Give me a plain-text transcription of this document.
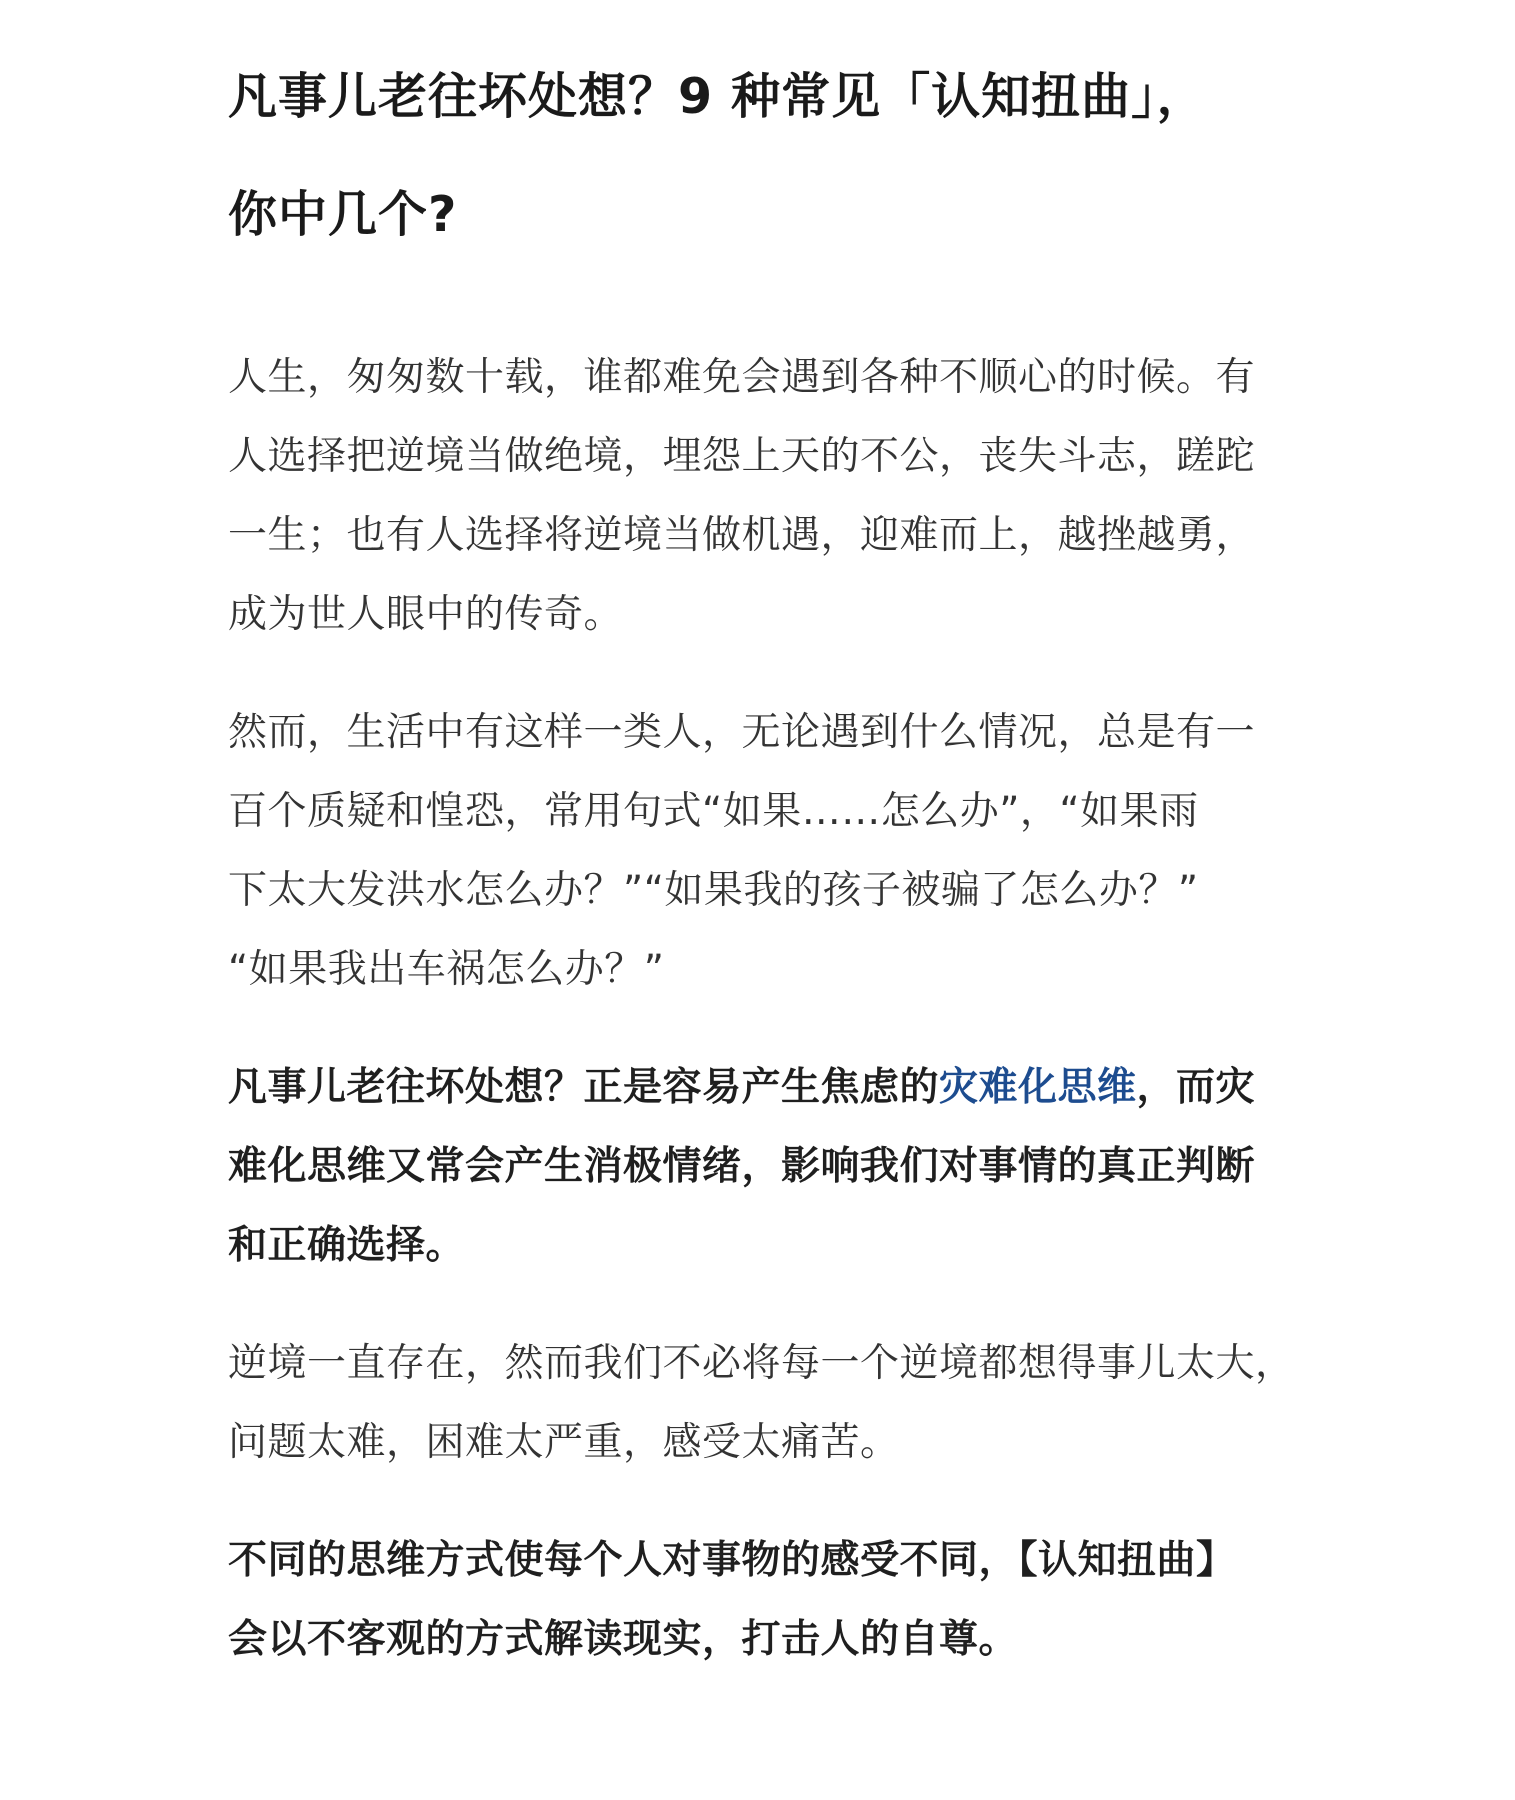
凡事儿老往坏处想？9 种常见「认知扭曲」，
你中几个?

人生，匆匆数十载，谁都难免会遇到各种不顺心的时候。有
人选择把逆境当做绝境，埋怨上天的不公，丧失斗志，蹉跎
一生；也有人选择将逆境当做机遇，迎难而上，越挫越勇，
成为世人眼中的传奇。

然而，生活中有这样一类人，无论遇到什么情况，总是有一
百个质疑和惶恐，常用句式“如果……怎么办”，“如果雨
下太大发洪水怎么办？”“如果我的孩子被骗了怎么办？”
“如果我出车祸怎么办？”

凡事儿老往坏处想？正是容易产生焦虑的灾难化思维，而灾
难化思维又常会产生消极情绪，影响我们对事情的真正判断
和正确选择。

逆境一直存在，然而我们不必将每一个逆境都想得事儿太大，
问题太难，困难太严重，感受太痛苦。

不同的思维方式使每个人对事物的感受不同，【认知扭曲】
会以不客观的方式解读现实，打击人的自尊。
